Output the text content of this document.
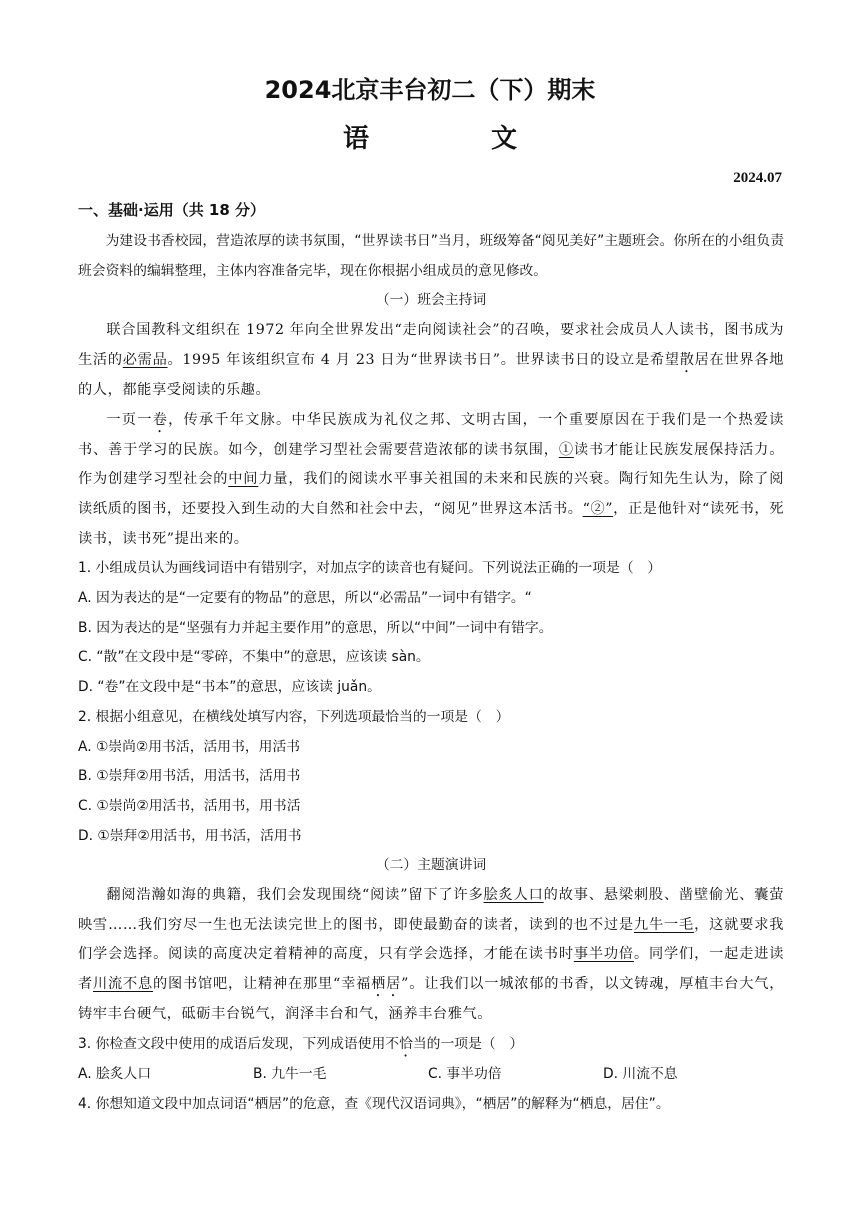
2024北京丰台初二（下）期末
语　文
2024.07
一、基础·运用（共 18 分）

为建设书香校园，营造浓厚的读书氛围，“世界读书日”当月，班级筹备“阅见美好”主题班会。你所在的小组负责班会资料的编辑整理，主体内容准备完毕，现在你根据小组成员的意见修改。

（一）班会主持词

联合国教科文组织在 1972 年向全世界发出“走向阅读社会”的召唤，要求社会成员人人读书，图书成为生活的必需品。1995 年该组织宣布 4 月 23 日为“世界读书日”。世界读书日的设立是希望散居在世界各地的人，都能享受阅读的乐趣。

一页一卷，传承千年文脉。中华民族成为礼仪之邦、文明古国，一个重要原因在于我们是一个热爱读书、善于学习的民族。如今，创建学习型社会需要营造浓郁的读书氛围，①读书才能让民族发展保持活力。作为创建学习型社会的中间力量，我们的阅读水平事关祖国的未来和民族的兴衰。陶行知先生认为，除了阅读纸质的图书，还要投入到生动的大自然和社会中去，“阅见”世界这本活书。“②”，正是他针对“读死书，死读书，读书死”提出来的。

1. 小组成员认为画线词语中有错别字，对加点字的读音也有疑问。下列说法正确的一项是（　）

A. 因为表达的是“一定要有的物品”的意思，所以“必需品”一词中有错字。“

B. 因为表达的是“坚强有力并起主要作用”的意思，所以“中间”一词中有错字。

C. “散”在文段中是“零碎，不集中”的意思，应该读 sàn。

D. “卷”在文段中是“书本”的意思，应该读 juǎn。

2. 根据小组意见，在横线处填写内容，下列选项最恰当的一项是（　）

A. ①崇尚②用书活，活用书，用活书

B. ①崇拜②用书活，用活书，活用书

C. ①崇尚②用活书，活用书，用书活

D. ①崇拜②用活书，用书活，活用书

（二）主题演讲词

翻阅浩瀚如海的典籍，我们会发现围绕“阅读”留下了许多脍炙人口的故事、悬梁刺股、凿壁偷光、囊萤映雪……我们穷尽一生也无法读完世上的图书，即使最勤奋的读者，读到的也不过是九牛一毛，这就要求我们学会选择。阅读的高度决定着精神的高度，只有学会选择，才能在读书时事半功倍。同学们，一起走进读者川流不息的图书馆吧，让精神在那里“幸福栖居”。让我们以一城浓郁的书香，以文铸魂，厚植丰台大气，铸牢丰台硬气，砥砺丰台锐气，润泽丰台和气，涵养丰台雅气。

3. 你检查文段中使用的成语后发现，下列成语使用不恰当的一项是（　）

A. 脍炙人口	B. 九牛一毛	C. 事半功倍	D. 川流不息

4. 你想知道文段中加点词语“栖居”的危意，查《现代汉语词典》，“栖居”的解释为“栖息，居住”。
